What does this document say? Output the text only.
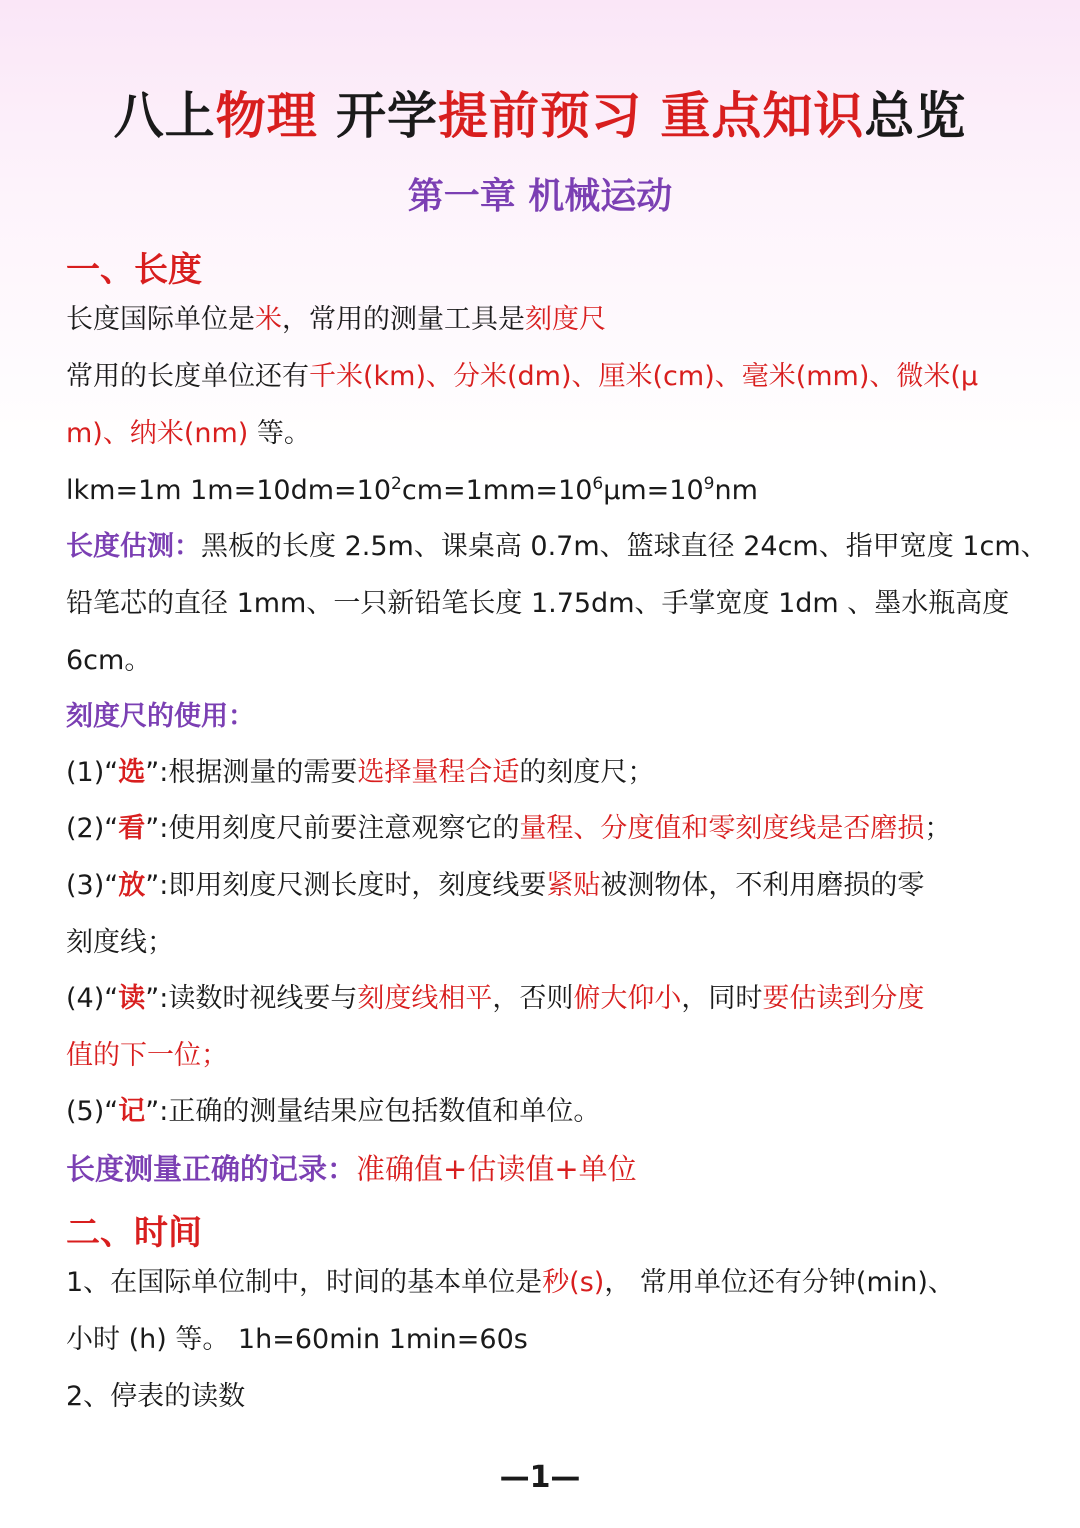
八上物理 开学提前预习 重点知识总览
第一章 机械运动
一、长度
长度国际单位是米，常用的测量工具是刻度尺
常用的长度单位还有千米(km)、分米(dm)、厘米(cm)、毫米(mm)、微米(μ
m)、纳米(nm) 等。
lkm=1m $1m=10dm=10^2cm=1mm=10^6\mu m=10^9nm$
长度估测：黑板的长度 2.5m、课桌高 0.7m、篮球直径 24cm、指甲宽度 1cm、
铅笔芯的直径 1mm、一只新铅笔长度 1.75dm、手掌宽度 1dm 、墨水瓶高度
6cm。
刻度尺的使用：
(1)“选”:根据测量的需要选择量程合适的刻度尺；
(2)“看”:使用刻度尺前要注意观察它的量程、分度值和零刻度线是否磨损；
(3)“放”:即用刻度尺测长度时，刻度线要紧贴被测物体，不利用磨损的零
刻度线；
(4)“读”:读数时视线要与刻度线相平，否则俯大仰小，同时要估读到分度
值的下一位；
(5)“记”:正确的测量结果应包括数值和单位。
长度测量正确的记录：准确值+估读值+单位
二、时间
1、在国际单位制中，时间的基本单位是秒(s)， 常用单位还有分钟(min)、
小时 (h) 等。 1h=60min 1min=60s
2、停表的读数
—1—
